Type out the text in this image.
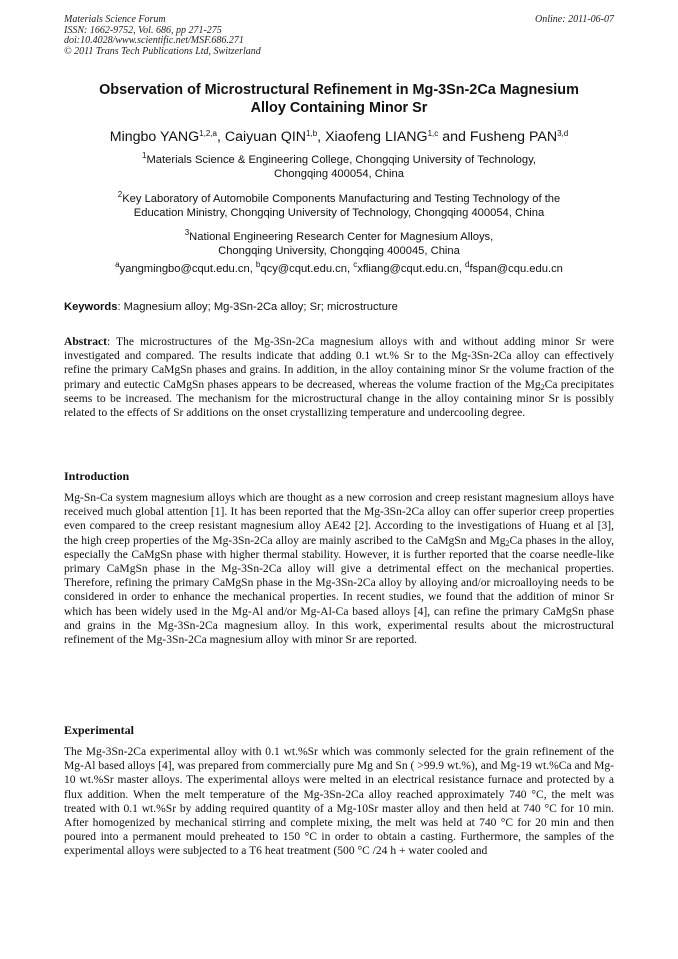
Materials Science Forum
ISSN: 1662-9752, Vol. 686, pp 271-275
doi:10.4028/www.scientific.net/MSF.686.271
© 2011 Trans Tech Publications Ltd, Switzerland
Online: 2011-06-07
Observation of Microstructural Refinement in Mg-3Sn-2Ca Magnesium
Alloy Containing Minor Sr
Mingbo YANG$^{1,2,a}$, Caiyuan QIN$^{1,b}$, Xiaofeng LIANG$^{1,c}$ and Fusheng PAN$^{3,d}$
$^1$Materials Science & Engineering College, Chongqing University of Technology,
Chongqing 400054, China
$^2$Key Laboratory of Automobile Components Manufacturing and Testing Technology of the
Education Ministry, Chongqing University of Technology, Chongqing 400054, China
$^3$National Engineering Research Center for Magnesium Alloys,
Chongqing University, Chongqing 400045, China
$^a$yangmingbo@cqut.edu.cn, $^b$qcy@cqut.edu.cn, $^c$xfliang@cqut.edu.cn, $^d$fspan@cqu.edu.cn
Keywords: Magnesium alloy; Mg-3Sn-2Ca alloy; Sr; microstructure
Abstract: The microstructures of the Mg-3Sn-2Ca magnesium alloys with and without adding minor Sr were investigated and compared. The results indicate that adding 0.1 wt.% Sr to the Mg-3Sn-2Ca alloy can effectively refine the primary CaMgSn phases and grains. In addition, in the alloy containing minor Sr the volume fraction of the primary and eutectic CaMgSn phases appears to be decreased, whereas the volume fraction of the $Mg_2Ca$ precipitates seems to be increased. The mechanism for the microstructural change in the alloy containing minor Sr is possibly related to the effects of Sr additions on the onset crystallizing temperature and undercooling degree.
Introduction
Mg-Sn-Ca system magnesium alloys which are thought as a new corrosion and creep resistant magnesium alloys have received much global attention [1]. It has been reported that the Mg-3Sn-2Ca alloy can offer superior creep properties even compared to the creep resistant magnesium alloy AE42 [2]. According to the investigations of Huang et al [3], the high creep properties of the Mg-3Sn-2Ca alloy are mainly ascribed to the CaMgSn and $Mg_2Ca$ phases in the alloy, especially the CaMgSn phase with higher thermal stability. However, it is further reported that the coarse needle-like primary CaMgSn phase in the Mg-3Sn-2Ca alloy will give a detrimental effect on the mechanical properties. Therefore, refining the primary CaMgSn phase in the Mg-3Sn-2Ca alloy by alloying and/or microalloying needs to be considered in order to enhance the mechanical properties. In recent studies, we found that the addition of minor Sr which has been widely used in the Mg-Al and/or Mg-Al-Ca based alloys [4], can refine the primary CaMgSn phase and grains in the Mg-3Sn-2Ca magnesium alloy. In this work, experimental results about the microstructural refinement of the Mg-3Sn-2Ca magnesium alloy with minor Sr are reported.
Experimental
The Mg-3Sn-2Ca experimental alloy with 0.1 wt.%Sr which was commonly selected for the grain refinement of the Mg-Al based alloys [4], was prepared from commercially pure Mg and Sn ( >99.9 wt.%), and Mg-19 wt.%Ca and Mg-10 wt.%Sr master alloys. The experimental alloys were melted in an electrical resistance furnace and protected by a flux addition. When the melt temperature of the Mg-3Sn-2Ca alloy reached approximately 740 °C, the melt was treated with 0.1 wt.%Sr by adding required quantity of a Mg-10Sr master alloy and then held at 740 °C for 10 min. After homogenized by mechanical stirring and complete mixing, the melt was held at 740 °C for 20 min and then poured into a permanent mould preheated to 150 °C in order to obtain a casting. Furthermore, the samples of the experimental alloys were subjected to a T6 heat treatment (500 °C /24 h + water cooled and
